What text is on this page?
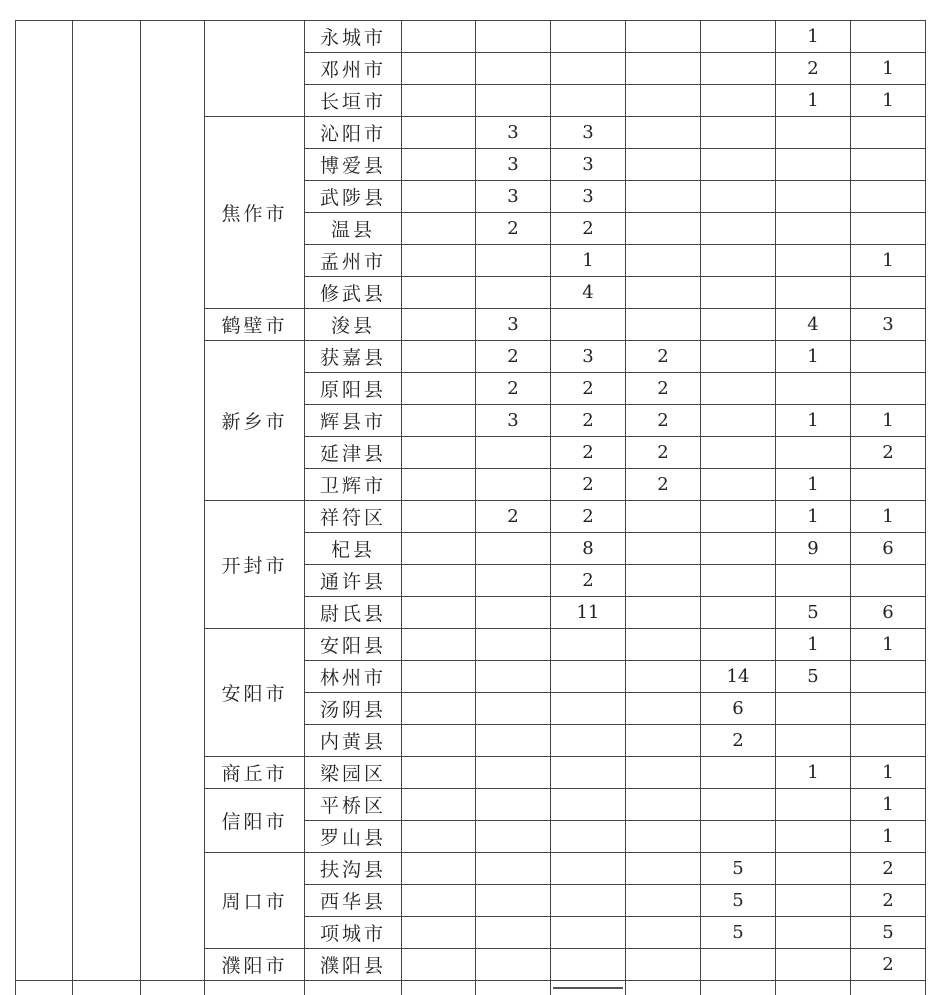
				永城市						1	
				邓州市						2	1
				长垣市						1	1
			焦作市	沁阳市		3	3				
				博爱县		3	3				
				武陟县		3	3				
				温县		2	2				
				孟州市			1				1
				修武县			4				
			鹤壁市	浚县		3				4	3
			新乡市	获嘉县		2	3	2		1	
				原阳县		2	2	2			
				辉县市		3	2	2		1	1
				延津县			2	2			2
				卫辉市			2	2		1	
			开封市	祥符区		2	2			1	1
				杞县			8			9	6
				通许县			2				
				尉氏县			11			5	6
			安阳市	安阳县						1	1
				林州市					14	5	
				汤阴县					6		
				内黄县					2		
			商丘市	梁园区						1	1
			信阳市	平桥区							1
				罗山县							1
			周口市	扶沟县					5		2
				西华县					5		2
				项城市					5		5
			濮阳市	濮阳县							2
